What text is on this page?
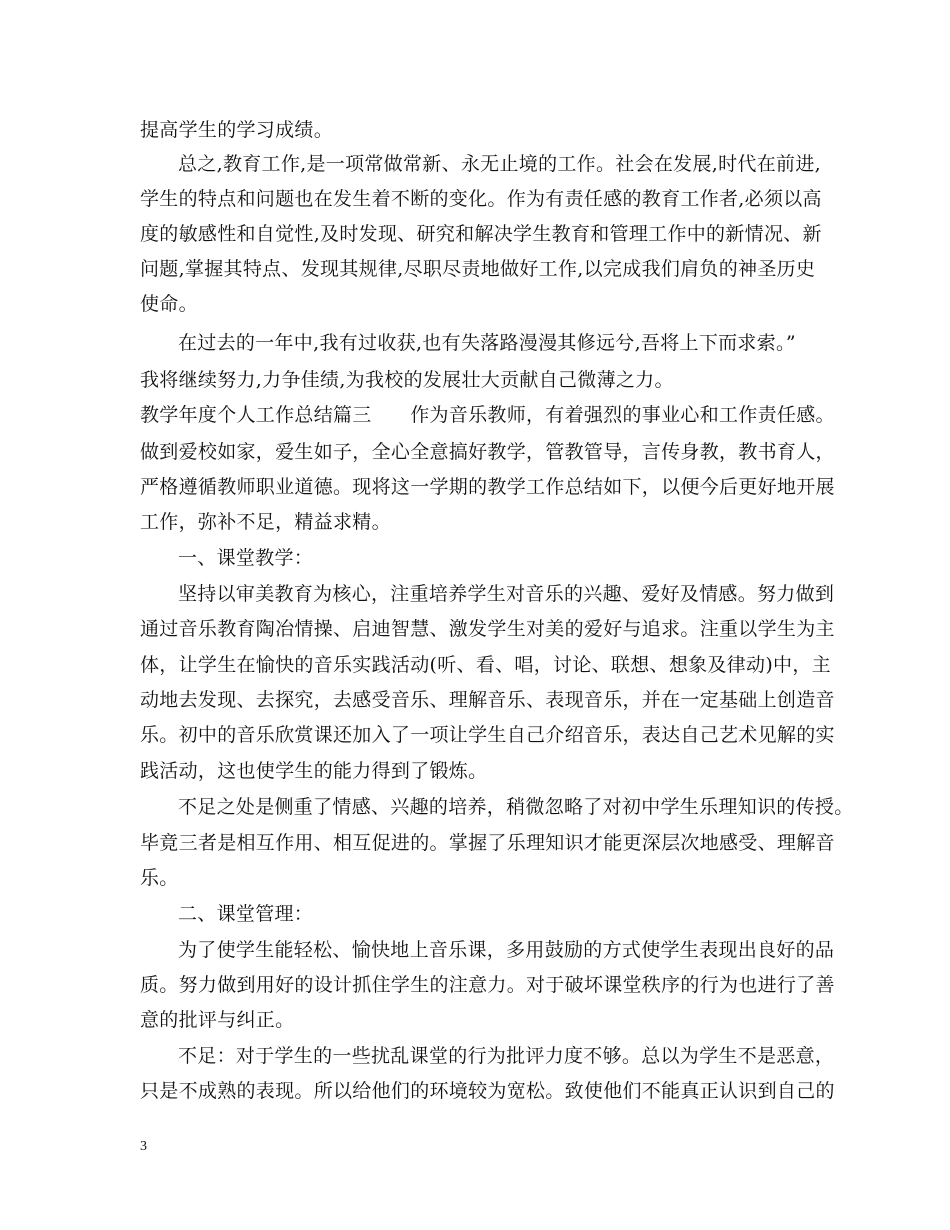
提高学生的学习成绩。
总之,教育工作,是一项常做常新、永无止境的工作。社会在发展,时代在前进,
学生的特点和问题也在发生着不断的变化。作为有责任感的教育工作者,必须以高
度的敏感性和自觉性,及时发现、研究和解决学生教育和管理工作中的新情况、新
问题,掌握其特点、发现其规律,尽职尽责地做好工作,以完成我们肩负的神圣历史
使命。
在过去的一年中,我有过收获,也有失落路漫漫其修远兮,吾将上下而求索。”
我将继续努力,力争佳绩,为我校的发展壮大贡献自己微薄之力。
教学年度个人工作总结篇三　　作为音乐教师，有着强烈的事业心和工作责任感。
做到爱校如家，爱生如子，全心全意搞好教学，管教管导，言传身教，教书育人，
严格遵循教师职业道德。现将这一学期的教学工作总结如下，以便今后更好地开展
工作，弥补不足，精益求精。
一、课堂教学：
坚持以审美教育为核心，注重培养学生对音乐的兴趣、爱好及情感。努力做到
通过音乐教育陶冶情操、启迪智慧、激发学生对美的爱好与追求。注重以学生为主
体，让学生在愉快的音乐实践活动(听、看、唱，讨论、联想、想象及律动)中，主
动地去发现、去探究，去感受音乐、理解音乐、表现音乐，并在一定基础上创造音
乐。初中的音乐欣赏课还加入了一项让学生自己介绍音乐，表达自己艺术见解的实
践活动，这也使学生的能力得到了锻炼。
不足之处是侧重了情感、兴趣的培养，稍微忽略了对初中学生乐理知识的传授。
毕竟三者是相互作用、相互促进的。掌握了乐理知识才能更深层次地感受、理解音
乐。
二、课堂管理：
为了使学生能轻松、愉快地上音乐课，多用鼓励的方式使学生表现出良好的品
质。努力做到用好的设计抓住学生的注意力。对于破坏课堂秩序的行为也进行了善
意的批评与纠正。
不足：对于学生的一些扰乱课堂的行为批评力度不够。总以为学生不是恶意，
只是不成熟的表现。所以给他们的环境较为宽松。致使他们不能真正认识到自己的
3
